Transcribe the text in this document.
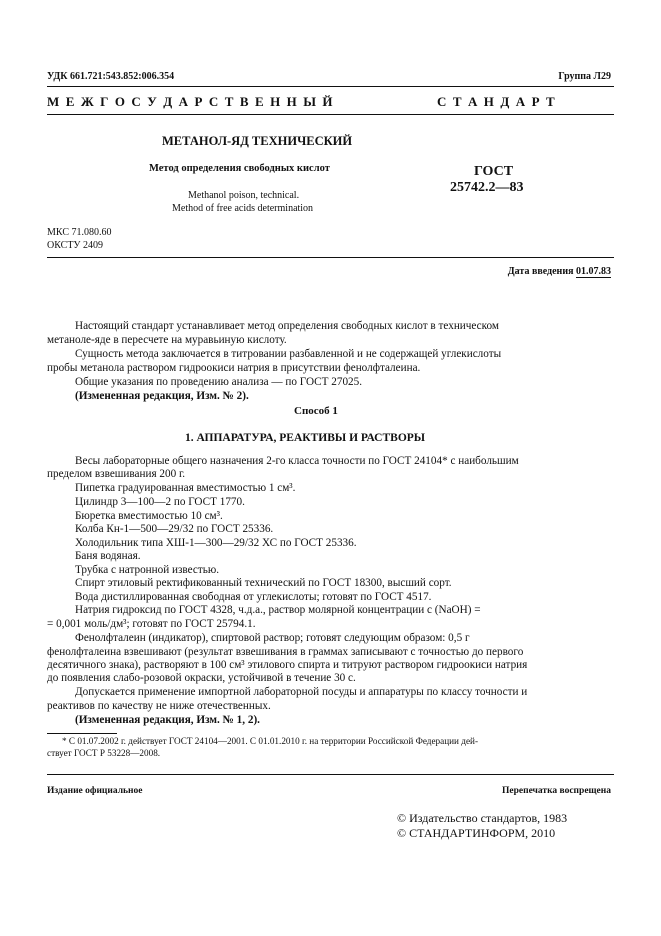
УДК 661.721:543.852:006.354	Группа Л29
М Е Ж Г О С У Д А Р С Т В Е Н Н Ы Й	С Т А Н Д А Р Т
МЕТАНОЛ-ЯД ТЕХНИЧЕСКИЙ
Метод определения свободных кислот
Methanol poison, technical.
Method of free acids determination
ГОСТ
25742.2—83
МКС 71.080.60
ОКСТУ 2409
Дата введения 01.07.83
Настоящий стандарт устанавливает метод определения свободных кислот в техническом
метаноле-яде в пересчете на муравьиную кислоту.
Сущность метода заключается в титровании разбавленной и не содержащей углекислоты
пробы метанола раствором гидроокиси натрия в присутствии фенолфталеина.
Общие указания по проведению анализа — по ГОСТ 27025.
(Измененная редакция, Изм. № 2).
Способ 1
1. АППАРАТУРА, РЕАКТИВЫ И РАСТВОРЫ
Весы лабораторные общего назначения 2-го класса точности по ГОСТ 24104* с наибольшим
пределом взвешивания 200 г.
Пипетка градуированная вместимостью 1 см³.
Цилиндр 3—100—2 по ГОСТ 1770.
Бюретка вместимостью 10 см³.
Колба Кн-1—500—29/32 по ГОСТ 25336.
Холодильник типа ХШ-1—300—29/32 ХС по ГОСТ 25336.
Баня водяная.
Трубка с натронной известью.
Спирт этиловый ректификованный технический по ГОСТ 18300, высший сорт.
Вода дистиллированная свободная от углекислоты; готовят по ГОСТ 4517.
Натрия гидроксид по ГОСТ 4328, ч.д.а., раствор молярной концентрации c (NaOH) =
= 0,001 моль/дм³; готовят по ГОСТ 25794.1.
Фенолфталеин (индикатор), спиртовой раствор; готовят следующим образом: 0,5 г
фенолфталеина взвешивают (результат взвешивания в граммах записывают с точностью до первого
десятичного знака), растворяют в 100 см³ этилового спирта и титруют раствором гидроокиси натрия
до появления слабо-розовой окраски, устойчивой в течение 30 с.
Допускается применение импортной лабораторной посуды и аппаратуры по классу точности и
реактивов по качеству не ниже отечественных.
(Измененная редакция, Изм. № 1, 2).
* С 01.07.2002 г. действует ГОСТ 24104—2001. С 01.01.2010 г. на территории Российской Федерации дей-
ствует ГОСТ Р 53228—2008.
Издание официальное	Перепечатка воспрещена
© Издательство стандартов, 1983
© СТАНДАРТИНФОРМ, 2010
